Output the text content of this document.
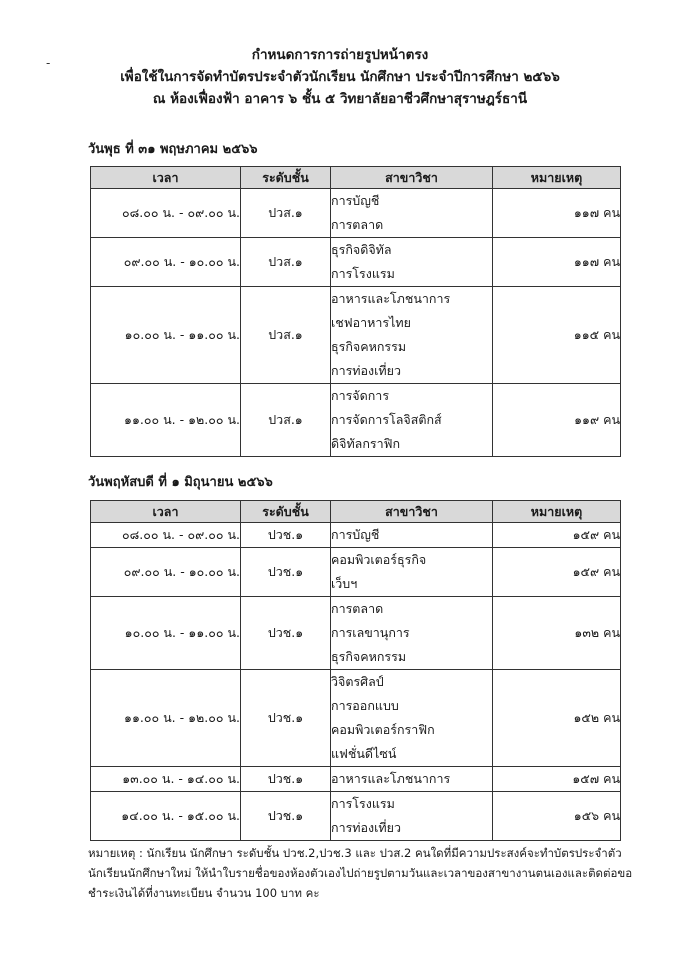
-	กำหนดการการถ่ายรูปหน้าตรง
เพื่อใช้ในการจัดทำบัตรประจำตัวนักเรียน นักศึกษา ประจำปีการศึกษา ๒๕๖๖
ณ ห้องเฟื่องฟ้า อาคาร ๖ ชั้น ๕ วิทยาลัยอาชีวศึกษาสุราษฎร์ธานี
วันพุธ ที่ ๓๑ พฤษภาคม ๒๕๖๖
เวลา	ระดับชั้น	สาขาวิชา	หมายเหตุ
๐๘.๐๐ น. - ๐๙.๐๐ น.	ปวส.๑	การบัญชี
การตลาด	๑๑๗ คน
๐๙.๐๐ น. - ๑๐.๐๐ น.	ปวส.๑	ธุรกิจดิจิทัล
การโรงแรม	๑๑๗ คน
๑๐.๐๐ น. - ๑๑.๐๐ น.	ปวส.๑	อาหารและโภชนาการ
เชฟอาหารไทย
ธุรกิจคหกรรม
การท่องเที่ยว	๑๑๕ คน
๑๑.๐๐ น. - ๑๒.๐๐ น.	ปวส.๑	การจัดการ
การจัดการโลจิสติกส์
ดิจิทัลกราฟิก	๑๑๙ คน
วันพฤหัสบดี ที่ ๑ มิถุนายน ๒๕๖๖
เวลา	ระดับชั้น	สาขาวิชา	หมายเหตุ
๐๘.๐๐ น. - ๐๙.๐๐ น.	ปวช.๑	การบัญชี	๑๕๙ คน
๐๙.๐๐ น. - ๑๐.๐๐ น.	ปวช.๑	คอมพิวเตอร์ธุรกิจ
เว็บฯ	๑๕๙ คน
๑๐.๐๐ น. - ๑๑.๐๐ น.	ปวช.๑	การตลาด
การเลขานุการ
ธุรกิจคหกรรม	๑๓๒ คน
๑๑.๐๐ น. - ๑๒.๐๐ น.	ปวช.๑	วิจิตรศิลป์
การออกแบบ
คอมพิวเตอร์กราฟิก
แฟชั่นดีไซน์	๑๕๒ คน
๑๓.๐๐ น. - ๑๔.๐๐ น.	ปวช.๑	อาหารและโภชนาการ	๑๕๗ คน
๑๔.๐๐ น. - ๑๕.๐๐ น.	ปวช.๑	การโรงแรม
การท่องเที่ยว	๑๕๖ คน
หมายเหตุ : นักเรียน นักศึกษา ระดับชั้น ปวช.2,ปวช.3 และ ปวส.2 คนใดที่มีความประสงค์จะทำบัตรประจำตัว
นักเรียนนักศึกษาใหม่ ให้นำใบรายชื่อของห้องตัวเองไปถ่ายรูปตามวันและเวลาของสาขางานตนเองและติดต่อขอ
ชำระเงินได้ที่งานทะเบียน จำนวน 100 บาท คะ
